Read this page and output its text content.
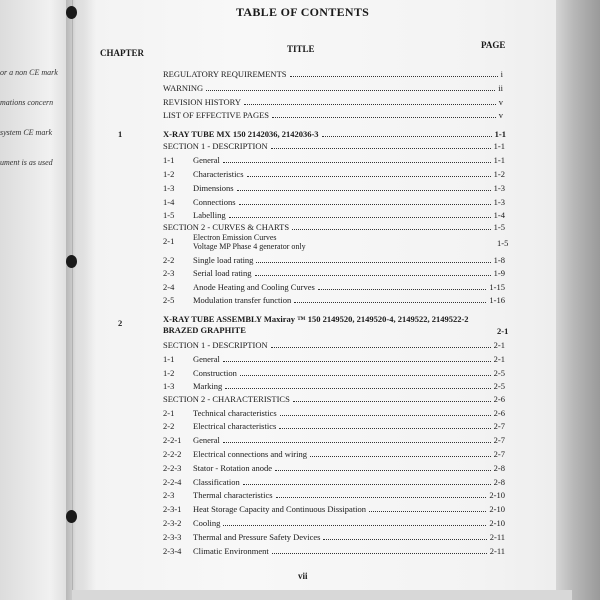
or a non CE mark
mations concern
system CE mark
ument is as used
TABLE OF CONTENTS
CHAPTER	TITLE	PAGE
REGULATORY REQUIREMENTS	i
WARNING	ii
REVISION HISTORY	v
LIST OF EFFECTIVE PAGES	v
1	X-RAY TUBE MX 150 2142036, 2142036-3	1-1
SECTION 1 - DESCRIPTION	1-1
1-1 General	1-1
1-2 Characteristics	1-2
1-3 Dimensions	1-3
1-4 Connections	1-3
1-5 Labelling	1-4
SECTION 2 - CURVES & CHARTS	1-5
2-1 Electron Emission Curves
Voltage MP Phase 4 generator only	1-5
2-2 Single load rating	1-8
2-3 Serial load rating	1-9
2-4 Anode Heating and Cooling Curves	1-15
2-5 Modulation transfer function	1-16
2	X-RAY TUBE ASSEMBLY Maxiray ™ 150 2149520, 2149520-4, 2149522, 2149522-2
BRAZED GRAPHITE	2-1
SECTION 1 - DESCRIPTION	2-1
1-1 General	2-1
1-2 Construction	2-5
1-3 Marking	2-5
SECTION 2 - CHARACTERISTICS	2-6
2-1 Technical characteristics	2-6
2-2 Electrical characteristics	2-7
2-2-1 General	2-7
2-2-2 Electrical connections and wiring	2-7
2-2-3 Stator - Rotation anode	2-8
2-2-4 Classification	2-8
2-3 Thermal characteristics	2-10
2-3-1 Heat Storage Capacity and Continuous Dissipation	2-10
2-3-2 Cooling	2-10
2-3-3 Thermal and Pressure Safety Devices	2-11
2-3-4 Climatic Environment	2-11
vii
